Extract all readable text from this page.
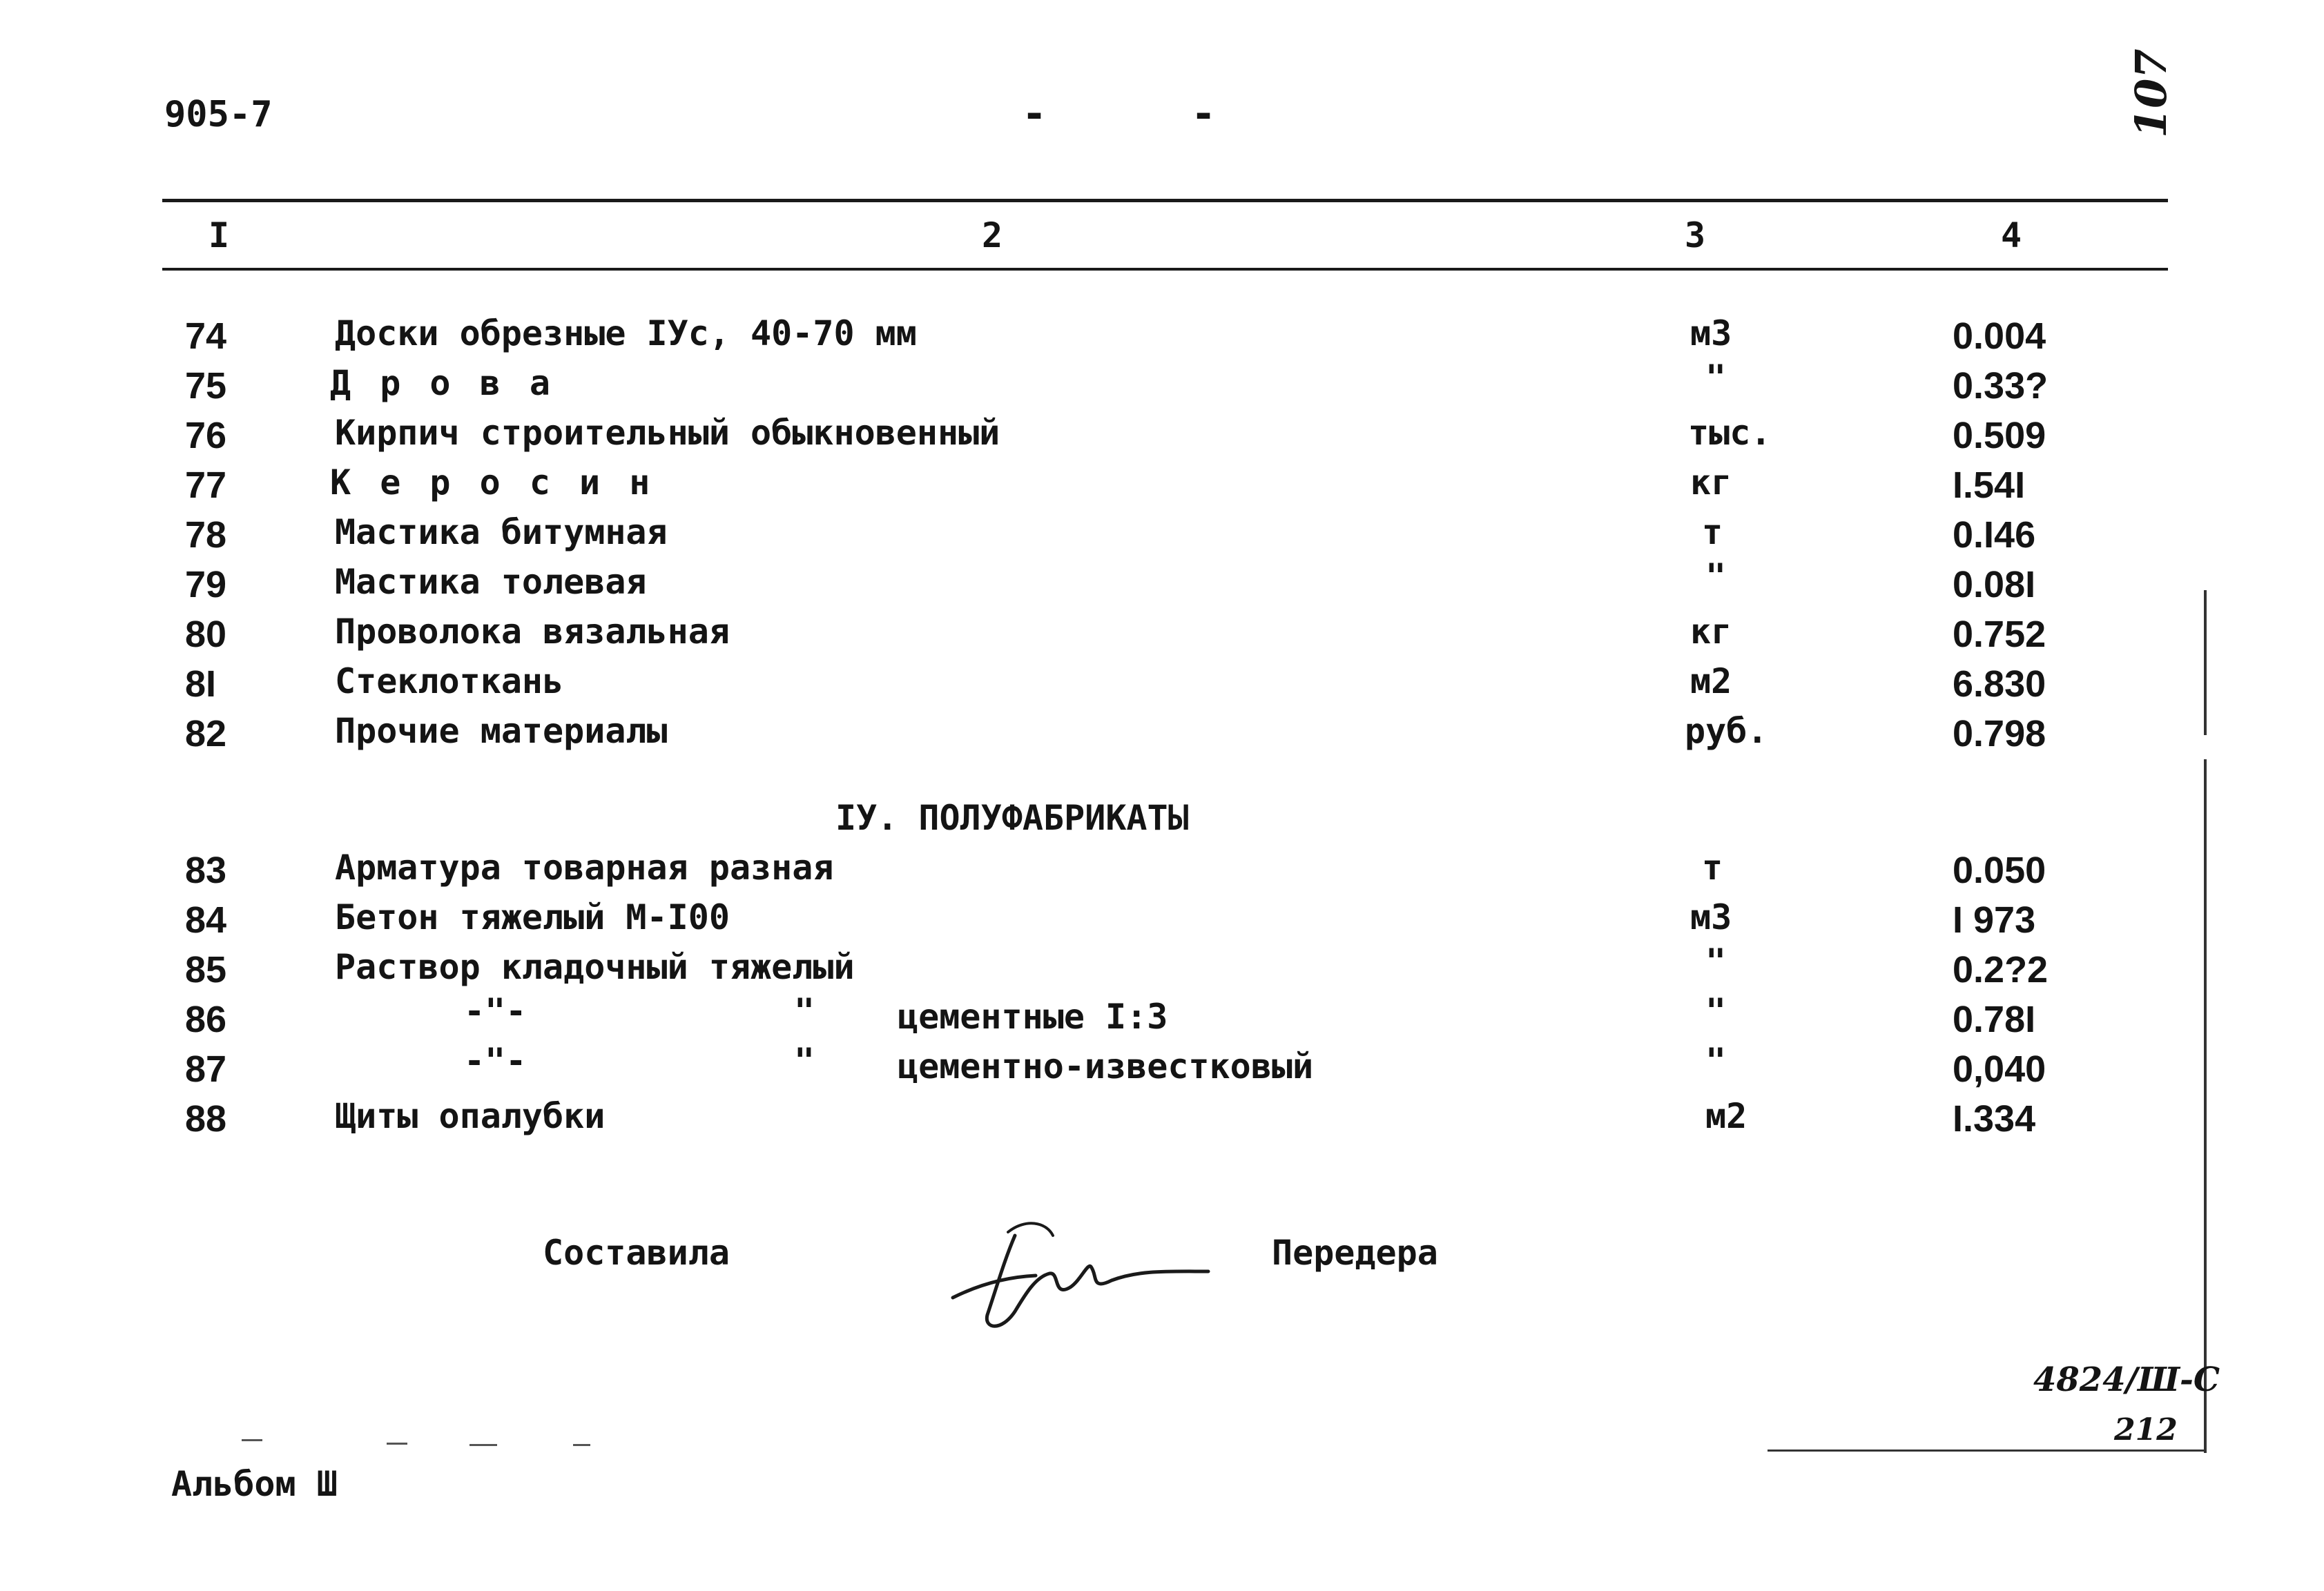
905-7	-	-	107
I	2	3	4
74	Доски обрезные IУс, 40-70 мм	м3	0.004
75	Д р о в а	"	0.33?
76	Кирпич строительный обыкновенный	тыс.	0.509
77	К е р о с и н	кг	I.54I
78	Мастика битумная	т	0.I46
79	Мастика толевая	"	0.08I
80	Проволока вязальная	кг	0.752
8I	Стеклоткань	м2	6.830
82	Прочие материалы	руб.	0.798
IУ. ПОЛУФАБРИКАТЫ
83	Арматура товарная разная	т	0.050
84	Бетон тяжелый М-I00	м3	I 973
85	Раствор кладочный тяжелый	"	0.2?2
86	-"-	" цементные I:3	"	0.78I
87	-"-	" цементно-известковый	"	0,040
88	Щиты опалубки	м2	I.334
Составила	Передера
4824/Ш-С
212
Альбом Ш
